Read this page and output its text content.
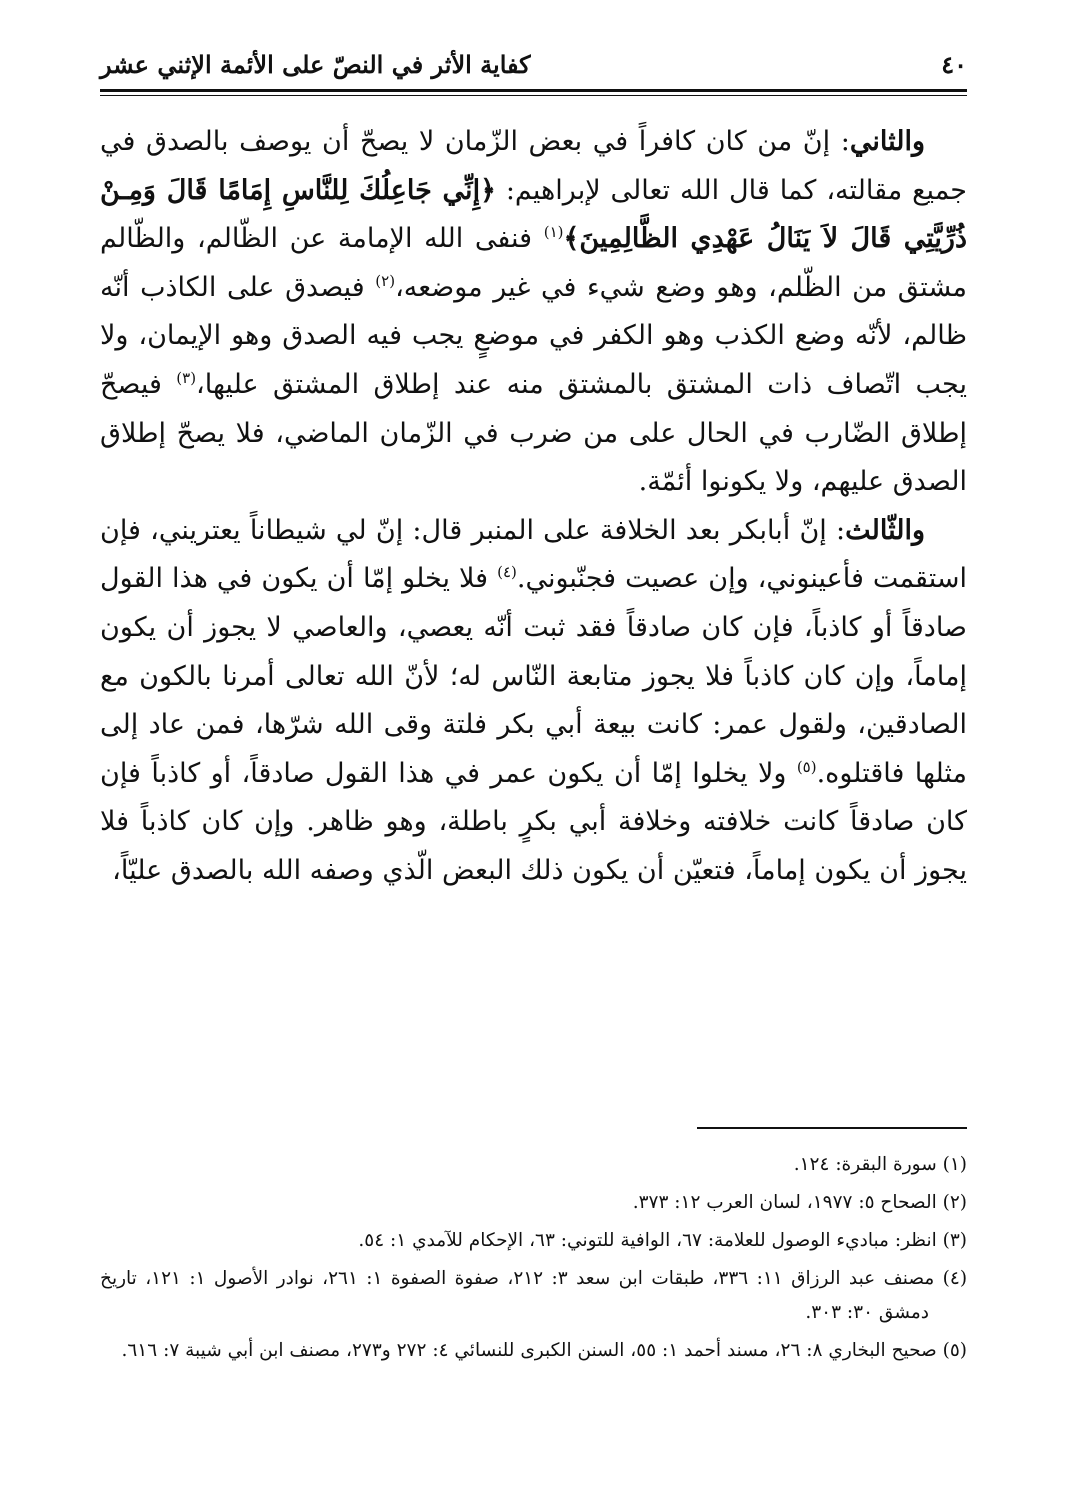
٤٠
كفاية الأثر في النصّ على الأئمة الإثني عشر

والثاني: إنّ من كان كافراً في بعض الزّمان لا يصحّ أن يوصف بالصدق في جميع مقالته، كما قال الله تعالى لإبراهيم: ﴿إِنِّي جَاعِلُكَ لِلنَّاسِ إِمَامًا قَالَ وَمِـنْ ذُرِّيَّتِي قَالَ لاَ يَنَالُ عَهْدِي الظَّالِمِينَ﴾$^{(١)}$ فنفى الله الإمامة عن الظّالم، والظّالم مشتق من الظّلم، وهو وضع شيء في غير موضعه،$^{(٢)}$ فيصدق على الكاذب أنّه ظالم، لأنّه وضع الكذب وهو الكفر في موضعٍ يجب فيه الصدق وهو الإيمان، ولا يجب اتّصاف ذات المشتق بالمشتق منه عند إطلاق المشتق عليها،$^{(٣)}$ فيصحّ إطلاق الضّارب في الحال على من ضرب في الزّمان الماضي، فلا يصحّ إطلاق الصدق عليهم، ولا يكونوا أئمّة.

والثّالث: إنّ أبابكر بعد الخلافة على المنبر قال: إنّ لي شيطاناً يعتريني، فإن استقمت فأعينوني، وإن عصيت فجنّبوني.$^{(٤)}$ فلا يخلو إمّا أن يكون في هذا القول صادقاً أو كاذباً، فإن كان صادقاً فقد ثبت أنّه يعصي، والعاصي لا يجوز أن يكون إماماً، وإن كان كاذباً فلا يجوز متابعة النّاس له؛ لأنّ الله تعالى أمرنا بالكون مع الصادقين، ولقول عمر: كانت بيعة أبي بكر فلتة وقى الله شرّها، فمن عاد إلى مثلها فاقتلوه.$^{(٥)}$ ولا يخلوا إمّا أن يكون عمر في هذا القول صادقاً، أو كاذباً فإن كان صادقاً كانت خلافته وخلافة أبي بكرٍ باطلة، وهو ظاهر. وإن كان كاذباً فلا يجوز أن يكون إماماً، فتعيّن أن يكون ذلك البعض الّذي وصفه الله بالصدق عليّاً،

(١) سورة البقرة: ١٢٤.

(٢) الصحاح ٥: ١٩٧٧، لسان العرب ١٢: ٣٧٣.

(٣) انظر: مباديء الوصول للعلامة: ٦٧، الوافية للتوني: ٦٣، الإحكام للآمدي ١: ٥٤.

(٤) مصنف عبد الرزاق ١١: ٣٣٦، طبقات ابن سعد ٣: ٢١٢، صفوة الصفوة ١: ٢٦١، نوادر الأصول ١: ١٢١، تاريخ دمشق ٣٠: ٣٠٣.

(٥) صحيح البخاري ٨: ٢٦، مسند أحمد ١: ٥٥، السنن الكبرى للنسائي ٤: ٢٧٢ و٢٧٣، مصنف ابن أبي شيبة ٧: ٦١٦.
